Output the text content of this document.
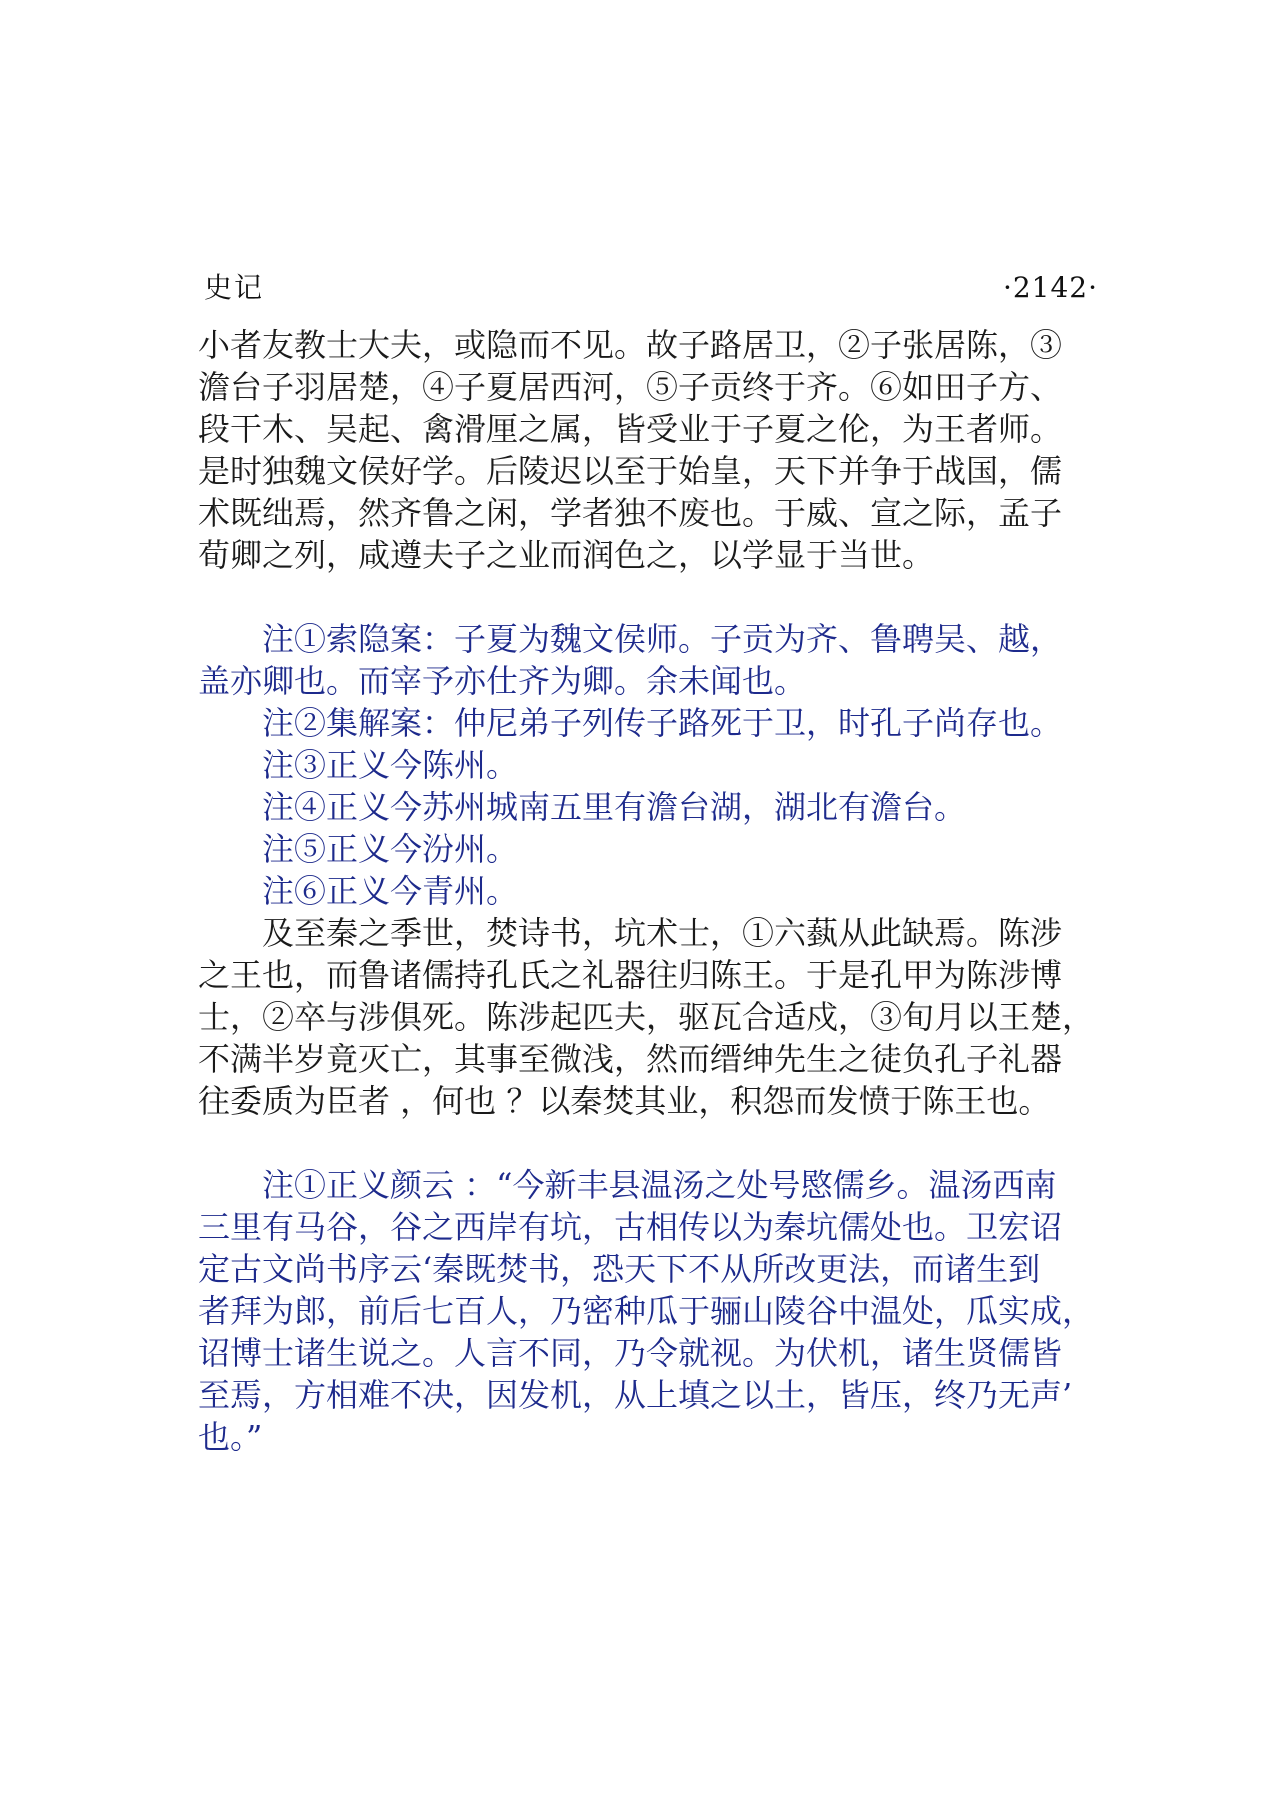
史记	·2142·
小者友教士大夫，或隐而不见。故子路居卫，②子张居陈，③
澹台子羽居楚，④子夏居西河，⑤子贡终于齐。⑥如田子方、
段干木、吴起、禽滑厘之属，皆受业于子夏之伦，为王者师。
是时独魏文侯好学。后陵迟以至于始皇，天下并争于战国，儒
术既绌焉，然齐鲁之闲，学者独不废也。于威、宣之际，孟子
荀卿之列，咸遵夫子之业而润色之，以学显于当世。
注①索隐案：子夏为魏文侯师。子贡为齐、鲁聘吴、越，
盖亦卿也。而宰予亦仕齐为卿。余未闻也。
注②集解案：仲尼弟子列传子路死于卫，时孔子尚存也。
注③正义今陈州。
注④正义今苏州城南五里有澹台湖，湖北有澹台。
注⑤正义今汾州。
注⑥正义今青州。
及至秦之季世，焚诗书，坑术士，①六蓺从此缺焉。陈涉
之王也，而鲁诸儒持孔氏之礼器往归陈王。于是孔甲为陈涉博
士，②卒与涉俱死。陈涉起匹夫，驱瓦合适戍，③旬月以王楚，
不满半岁竟灭亡，其事至微浅，然而缙绅先生之徒负孔子礼器
往委质为臣者 ，何也 ？以秦焚其业，积怨而发愤于陈王也。
注①正义颜云 ：“今新丰县温汤之处号愍儒乡。温汤西南
三里有马谷，谷之西岸有坑，古相传以为秦坑儒处也。卫宏诏
定古文尚书序云‘秦既焚书，恐天下不从所改更法，而诸生到
者拜为郎，前后七百人，乃密种瓜于骊山陵谷中温处，瓜实成，
诏博士诸生说之。人言不同，乃令就视。为伏机，诸生贤儒皆
至焉，方相难不决，因发机，从上填之以土，皆压，终乃无声’
也。”
